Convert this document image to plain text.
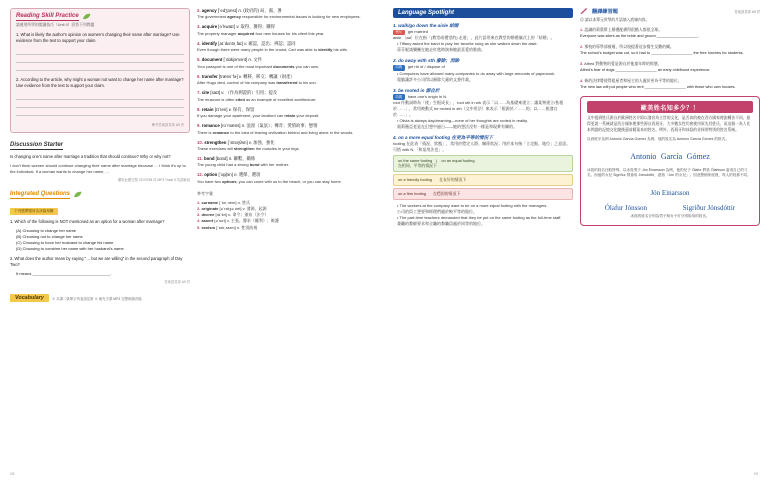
Reading Skill Practice
請運用所學的閱讀技巧（Unit 9）回答下列問題
1. What is likely the author's opinion on women's changing their name after marriage? Use evidence from the text to support your claim.
2. According to the article, why might a woman not want to change her name after marriage? Use evidence from the text to support your claim.
參考答案請見第 A9 頁
Discussion Starter
Is changing one's name after marriage a tradition that should continue? Why or why not?
I don't think women should continue changing their name after marriage because … I think it's up to the individual. If a woman wants to change her name, …
聽取此題完整 CD-ROM 或 MP3 Track 9 英語解說
Integrated Questions
下列選擇題皆為該篇相關
1. Which of the following is NOT mentioned as an option for a woman after marriage?
(A) Choosing to change her name
(B) Choosing not to change her name
(C) Choosing to force her husband to change his name
(D) Choosing to combine her name with her husband's name
2. What does the author mean by saying "… but we are willing" in the second paragraph of Day Two?
It means ___________________________________.
答案請見第 A9 頁
Vocabulary	※ 本課二級單字列表請見第 ※ 補充字彙 MP3 完整朗讀音檔
2. agency [ˋedʒənsɪ] n. (政府的) 局、處、署
The government agency responsible for environmental issues is looking for new employees.
3. acquire [əˋkwaɪr] v. 取得、獲得；購得
The property manager acquired four new houses for his client this year.
4. identify [aɪˋdɛntə͵faɪ] v. 確認、認出；辨認；認同
Even though there were many people in the crowd, Carl was able to identify his wife.
5. document [ˋdɑkjəmənt] n. 文件
Your passport is one of the most important documents you can own.
6. transfer [trænsˋfɝ] v. 轉移、移交；轉讓（財產）
After Hugo died, control of his company was transferred to his son.
7. cite [saɪt] v. （作為例證的）引用；提及
The museum is often cited as an example of excellent architecture.
8. retain [rɪˋten] v. 保有、保留
If you damage your apartment, your landlord can retain your deposit.
9. romance [roˋmæns] n. 浪漫（氣氛）；傳奇；愛情故事；戀情
There is romance to the idea of leaving civilization behind and living alone in the woods.
10. strengthen [ˋstrɛŋθən] v. 加強、強化
These exercises will strengthen the muscles in your legs.
11. bond [bɑnd] n. 聯繫、關係
The young child had a strong bond with her mother.
12. option [ˋɑpʃən] n. 選擇、選項
You have two options: you can come with us to the beach, or you can stay home.
參考字彙
1. surname [ˋsɝ͵nem] n. 姓氏
2. originate [əˋrɪdʒə͵net] v. 發源、起源
3. decree [dɪˋkri] n. 命令；頒布（法令）
4. assert [əˋsɝt] v. 主張、聲求（權利）；維護
5. sexism [ˋsɛk͵sɪzm] n. 性別歧視
28
Language Spotlight
1. walk/go down the aisle 結婚
例句 get married
aisle ［aɪl］位在指「(教堂或禮堂的) 走道」，此片語用來在教堂的婚禮儀式上的「結婚」。
• Tiffany asked the band to play her favorite song as she walked down the aisle.
蒂芬妮請樂團在她走紅毯時演奏她最喜愛的歌曲。
2. do away with sth 廢除；消除
同義 get rid of / dispose of
• Computers have allowed many companies to do away with large amounts of paperwork.
電腦讓許多公司得以廢除大量的文書作業。
3. be rooted in 源自於
同義 have one's origin in N.
root 作動詞時為「使」生根成長」，root sth in sth 表示「以……為基礎來建立；讓某物建立/紮根於……」，常用被動式 be rooted in sth（文中用法）來表示「根源於／……的；以……根發自於……」。
• Olivia is always daydreaming—none of her thoughts are rooted in reality.
奧莉薇亞老是在幻想中過日——她的想法沒有一樣是和現實有關的。
4. on a more equal footing 在更為平等的情況下
footing 在此表「情況、狀態」，常用於穩定人際、關係狀況；用於本句指「立足點、地位」之意思。
可搭 with N.「和某用法也」。
on the same footing | on an equal footing
在相同、平等的情況下
on a friendly footing 在友好的情況下
on a firm footing 在穩固的情況下
• The workers at the company want to be on a more equal footing with the managers.
公司的員工想要和經理們處於較平等的地位。
• The part-time teachers demanded that they be put on the same footing as the full-time staff.
兼職的教師要求和全職的教職員處於同等的地位。
翻譯練習題	答案請見第 A9 頁
◎ 請以本單元所學的片語填入底線內容。
1. 認識的莉葉斯上婚禮配備得很酷人都很全球。
Everyone was silent as the bride and groom ___________________.
2. 那校的導學部被廢，所以校提著這步餐生及數的關。
The school's budget was cut, so it had to ___________________ the free lunches for students.
3. Alfred 對動物的愛是源自於他童年時的經歷。
Alfred's fear of dogs ___________________ an early childhood experience.
4. 新的法律將使得租屋者和屋主的人處於更為平等的地位。
The new law will put people who rent ___________________ with those who own houses.
歐美姓名知多少？！
文中提到姓氏源自於歐洲姓名介紹以發音為主旨的文化，是否真的被在西方國家裡流轉各不同，最得更說一系統就是西方國家裡那些源自西班牙、大多數女性仍會使用原先其姓氏，而這個一為人比本例證的記憶交化隨後還前個案本的姓名。例外，西班牙和冰島的非採用特別的姓名系統。
以西班牙為例 Antonio García Gómez 為例，他的姓名為 Antonio García Gómez 的格式。
Antonio García Gómez
冰島的姓名比較特殊，以冰島男子 Jón Einarsson 為例，他的兒子 Ólafur 將姓 Ólafsson 當成自己的父名，而他的女兒 Sigríður 則會用 Jónsdóttir，意指「Jón 的女兒」。因此整個家庭裡，每人的姓都不同。
Jón Einarsson
Ólafur Jónsson	Sigríður Jónsdóttir
冰島的姓名分別為男子與女子可分別取用的姓氏。
29
